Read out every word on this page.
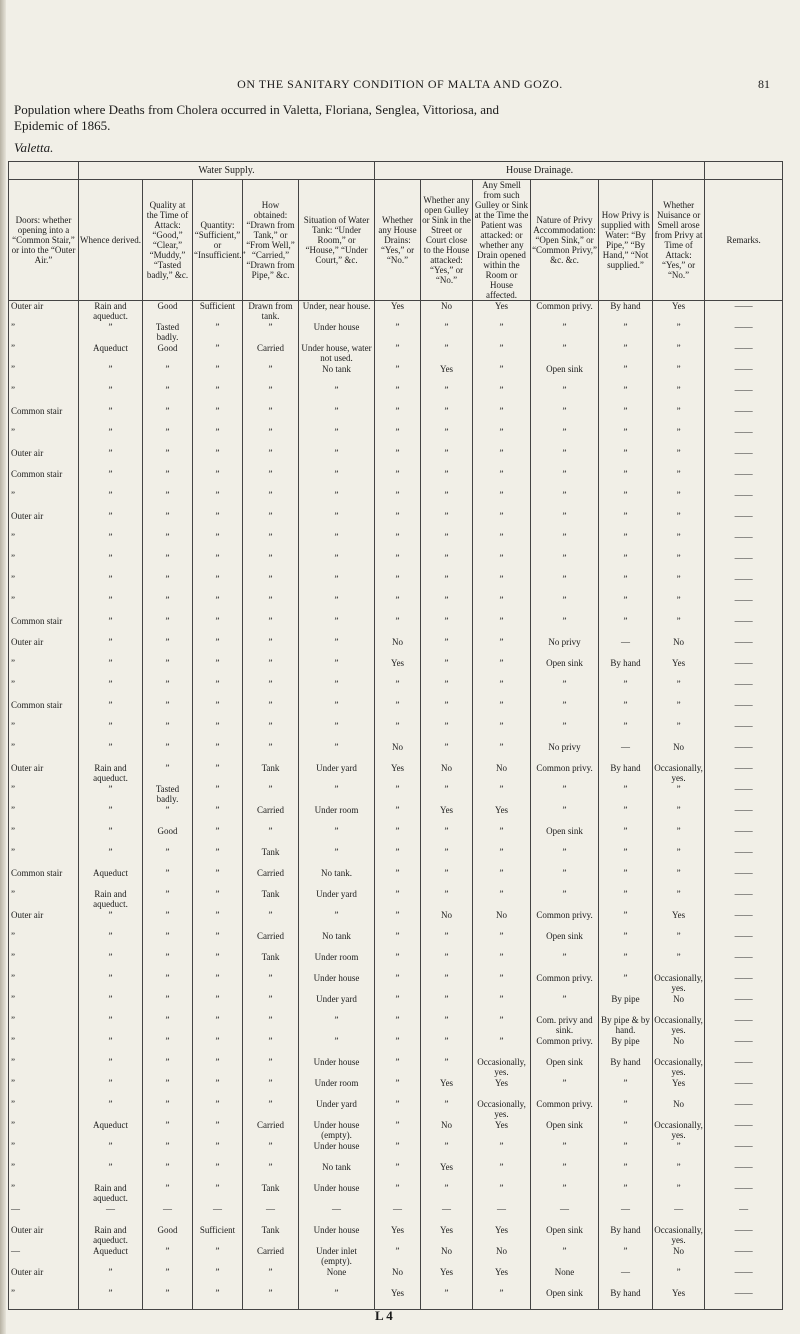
ON THE SANITARY CONDITION OF MALTA AND GOZO.	81
Population where Deaths from Cholera occurred in Valetta, Floriana, Senglea, Vittoriosa, and
Epidemic of 1865.
Valetta.
	Water Supply.					House Drainage.						
Doors: whether opening into a “Common Stair,” or into the “Outer Air.”	Whence derived.	Quality at the Time of Attack: “Good,” “Clear,” “Muddy,” “Tasted badly,” &c.	Quantity: “Sufficient,” or “Insufficient.”	How obtained: “Drawn from Tank,” or “From Well,” “Carried,” “Drawn from Pipe,” &c.	Situation of Water Tank: “Under Room,” or “House,” “Under Court,” &c.	Whether any House Drains: “Yes,” or “No.”	Whether any open Gulley or Sink in the Street or Court close to the House attacked: “Yes,” or “No.”	Any Smell from such Gulley or Sink at the Time the Patient was attacked: or whether any Drain opened within the Room or House affected.	Nature of Privy Accommodation: “Open Sink,” or “Common Privy,” &c. &c.	How Privy is supplied with Water: “By Pipe,” “By Hand,” “Not supplied.”	Whether Nuisance or Smell arose from Privy at Time of Attack: “Yes,” or “No.”	Remarks.
Outer air	Rain and aqueduct.	Good	Sufficient	Drawn from tank.	Under, near house.	Yes	No	Yes	Common privy.	By hand	Yes	——
”	”	Tasted badly.	”	”	Under house	”	”	”	”	”	”	——
”	Aqueduct	Good	”	Carried	Under house, water not used.	”	”	”	”	”	”	——
”	”	”	”	”	No tank	”	Yes	”	Open sink	”	”	——
”	”	”	”	”	”	”	”	”	”	”	”	——
Common stair	”	”	”	”	”	”	”	”	”	”	”	——
”	”	”	”	”	”	”	”	”	”	”	”	——
Outer air	”	”	”	”	”	”	”	”	”	”	”	——
Common stair	”	”	”	”	”	”	”	”	”	”	”	——
”	”	”	”	”	”	”	”	”	”	”	”	——
Outer air	”	”	”	”	”	”	”	”	”	”	”	——
”	”	”	”	”	”	”	”	”	”	”	”	——
”	”	”	”	”	”	”	”	”	”	”	”	——
”	”	”	”	”	”	”	”	”	”	”	”	——
”	”	”	”	”	”	”	”	”	”	”	”	——
Common stair	”	”	”	”	”	”	”	”	”	”	”	——
Outer air	”	”	”	”	”	No	”	”	No privy	—	No	——
”	”	”	”	”	”	Yes	”	”	Open sink	By hand	Yes	——
”	”	”	”	”	”	”	”	”	”	”	”	——
Common stair	”	”	”	”	”	”	”	”	”	”	”	——
”	”	”	”	”	”	”	”	”	”	”	”	——
”	”	”	”	”	”	No	”	”	No privy	—	No	——
Outer air	Rain and aqueduct.	”	”	Tank	Under yard	Yes	No	No	Common privy.	By hand	Occasionally, yes.	——
”	”	Tasted badly.	”	”	”	”	”	”	”	”	”	——
”	”	”	”	Carried	Under room	”	Yes	Yes	”	”	”	——
”	”	Good	”	”	”	”	”	”	Open sink	”	”	——
”	”	”	”	Tank	”	”	”	”	”	”	”	——
Common stair	Aqueduct	”	”	Carried	No tank.	”	”	”	”	”	”	——
”	Rain and aqueduct.	”	”	Tank	Under yard	”	”	”	”	”	”	——
Outer air	”	”	”	”	”	”	No	No	Common privy.	”	Yes	——
”	”	”	”	Carried	No tank	”	”	”	Open sink	”	”	——
”	”	”	”	Tank	Under room	”	”	”	”	”	”	——
”	”	”	”	”	Under house	”	”	”	Common privy.	”	Occasionally, yes.	——
”	”	”	”	”	Under yard	”	”	”	”	By pipe	No	——
”	”	”	”	”	”	”	”	”	Com. privy and sink.	By pipe & by hand.	Occasionally, yes.	——
”	”	”	”	”	”	”	”	”	Common privy.	By pipe	No	——
”	”	”	”	”	Under house	”	”	Occasionally, yes.	Open sink	By hand	Occasionally, yes.	——
”	”	”	”	”	Under room	”	Yes	Yes	”	”	Yes	——
”	”	”	”	”	Under yard	”	”	Occasionally, yes.	Common privy.	”	No	——
”	Aqueduct	”	”	Carried	Under house (empty).	”	No	Yes	Open sink	”	Occasionally, yes.	——
”	”	”	”	”	Under house	”	”	”	”	”	”	——
”	”	”	”	”	No tank	”	Yes	”	”	”	”	——
”	Rain and aqueduct.	”	”	Tank	Under house	”	”	”	”	”	”	——
—	—	—	—	—	—	—	—	—	—	—	—	—
Outer air	Rain and aqueduct.	Good	Sufficient	Tank	Under house	Yes	Yes	Yes	Open sink	By hand	Occasionally, yes.	——
—	Aqueduct	”	”	Carried	Under inlet (empty).	”	No	No	”	”	No	——
Outer air	”	”	”	”	None	No	Yes	Yes	None	—	”	——
”	”	”	”	”	”	Yes	”	”	Open sink	By hand	Yes	——
L 4
